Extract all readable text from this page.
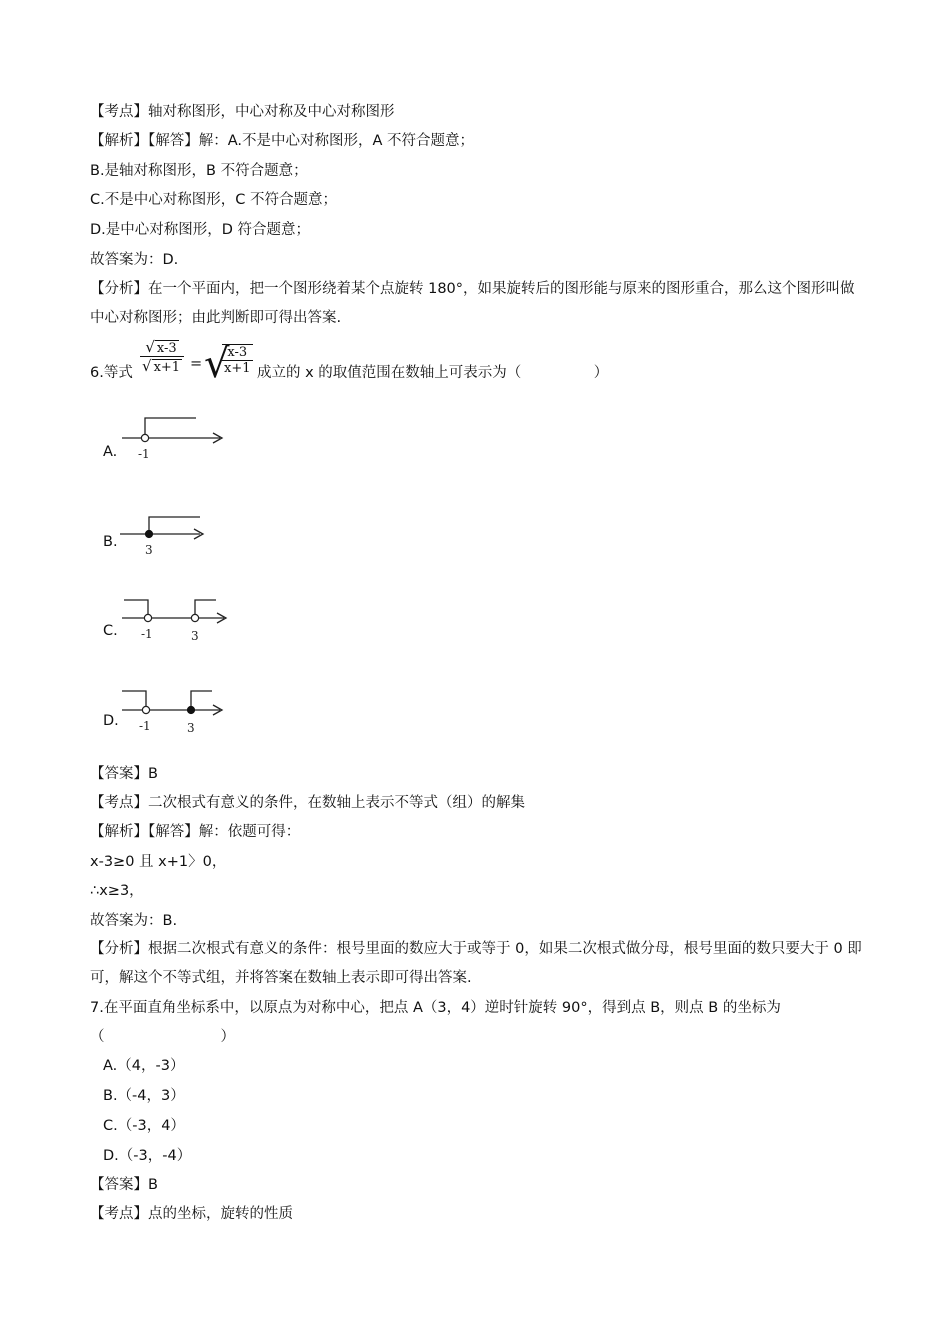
【考点】轴对称图形，中心对称及中心对称图形
【解析】【解答】解：A.不是中心对称图形，A 不符合题意；
B.是轴对称图形，B 不符合题意；
C.不是中心对称图形，C 不符合题意；
D.是中心对称图形，D 符合题意；
故答案为：D.
【分析】在一个平面内，把一个图形绕着某个点旋转 180°，如果旋转后的图形能与原来的图形重合，那么这个图形叫做中心对称图形；由此判断即可得出答案.
6.等式 $\frac{√ x-3}{√ x+1}$ = √
$\frac{x-3}{x+1}$ 成立的 x 的取值范围在数轴上可表示为（　　　　　）
A. -1
B. 3
C. -1	3
D. -1	3
【答案】B
【考点】二次根式有意义的条件，在数轴上表示不等式（组）的解集
【解析】【解答】解：依题可得：
x-3≥0 且 x+1〉0，
∴x≥3，
故答案为：B.
【分析】根据二次根式有意义的条件：根号里面的数应大于或等于 0，如果二次根式做分母，根号里面的数只要大于 0 即可，解这个不等式组，并将答案在数轴上表示即可得出答案.
7.在平面直角坐标系中，以原点为对称中心，把点 A（3，4）逆时针旋转 90°，得到点 B，则点 B 的坐标为（　　　　　　　　）
A.（4，-3）
B.（-4，3）
C.（-3，4）
D.（-3，-4）
【答案】B
【考点】点的坐标，旋转的性质
